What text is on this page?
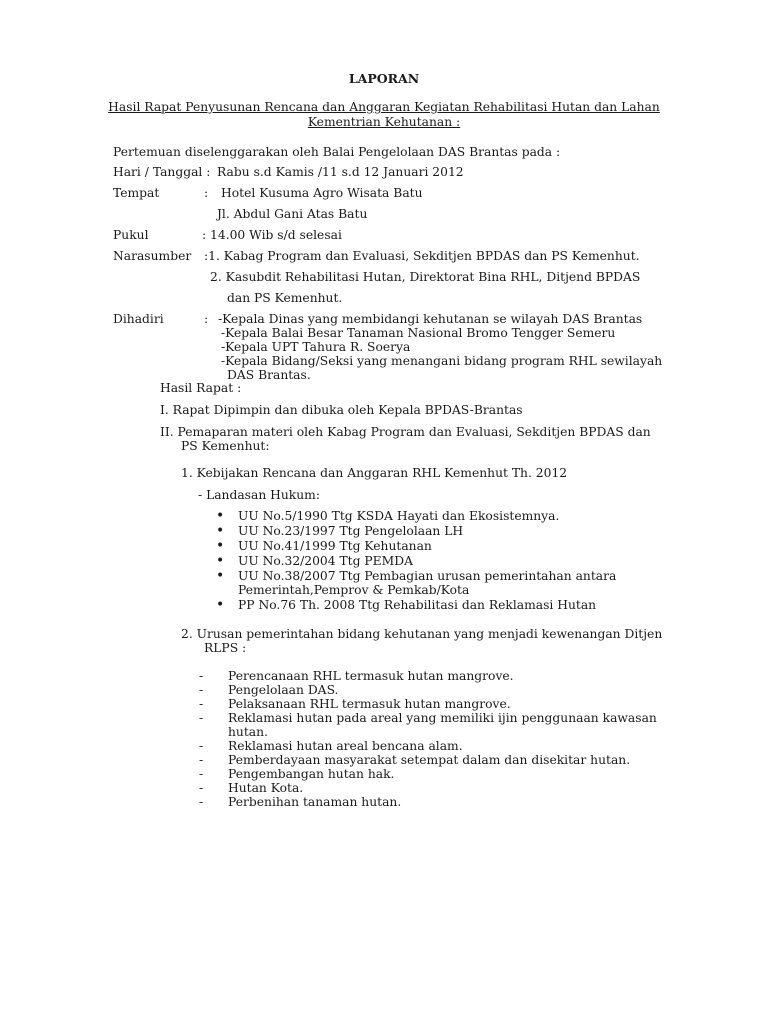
LAPORAN
Hasil Rapat Penyusunan Rencana dan Anggaran Kegiatan Rehabilitasi Hutan dan Lahan
Kementrian Kehutanan :
Pertemuan diselenggarakan oleh Balai Pengelolaan DAS Brantas pada :
Hari / Tanggal : Rabu s.d Kamis /11 s.d 12 Januari 2012
Tempat	: Hotel Kusuma Agro Wisata Batu
Jl. Abdul Gani Atas Batu
Pukul	: 14.00 Wib s/d selesai
Narasumber :1. Kabag Program dan Evaluasi, Sekditjen BPDAS dan PS Kemenhut.
2. Kasubdit Rehabilitasi Hutan, Direktorat Bina RHL, Ditjend BPDAS
dan PS Kemenhut.
Dihadiri	: -Kepala Dinas yang membidangi kehutanan se wilayah DAS Brantas
-Kepala Balai Besar Tanaman Nasional Bromo Tengger Semeru
-Kepala UPT Tahura R. Soerya
-Kepala Bidang/Seksi yang menangani bidang program RHL sewilayah
DAS Brantas.
Hasil Rapat :
I. Rapat Dipimpin dan dibuka oleh Kepala BPDAS-Brantas
II. Pemaparan materi oleh Kabag Program dan Evaluasi, Sekditjen BPDAS dan
PS Kemenhut:
1. Kebijakan Rencana dan Anggaran RHL Kemenhut Th. 2012
- Landasan Hukum:
• UU No.5/1990 Ttg KSDA Hayati dan Ekosistemnya.
• UU No.23/1997 Ttg Pengelolaan LH
• UU No.41/1999 Ttg Kehutanan
• UU No.32/2004 Ttg PEMDA
• UU No.38/2007 Ttg Pembagian urusan pemerintahan antara
Pemerintah,Pemprov & Pemkab/Kota
• PP No.76 Th. 2008 Ttg Rehabilitasi dan Reklamasi Hutan
2. Urusan pemerintahan bidang kehutanan yang menjadi kewenangan Ditjen
RLPS :
- Perencanaan RHL termasuk hutan mangrove.
- Pengelolaan DAS.
- Pelaksanaan RHL termasuk hutan mangrove.
- Reklamasi hutan pada areal yang memiliki ijin penggunaan kawasan
hutan.
- Reklamasi hutan areal bencana alam.
- Pemberdayaan masyarakat setempat dalam dan disekitar hutan.
- Pengembangan hutan hak.
- Hutan Kota.
- Perbenihan tanaman hutan.
